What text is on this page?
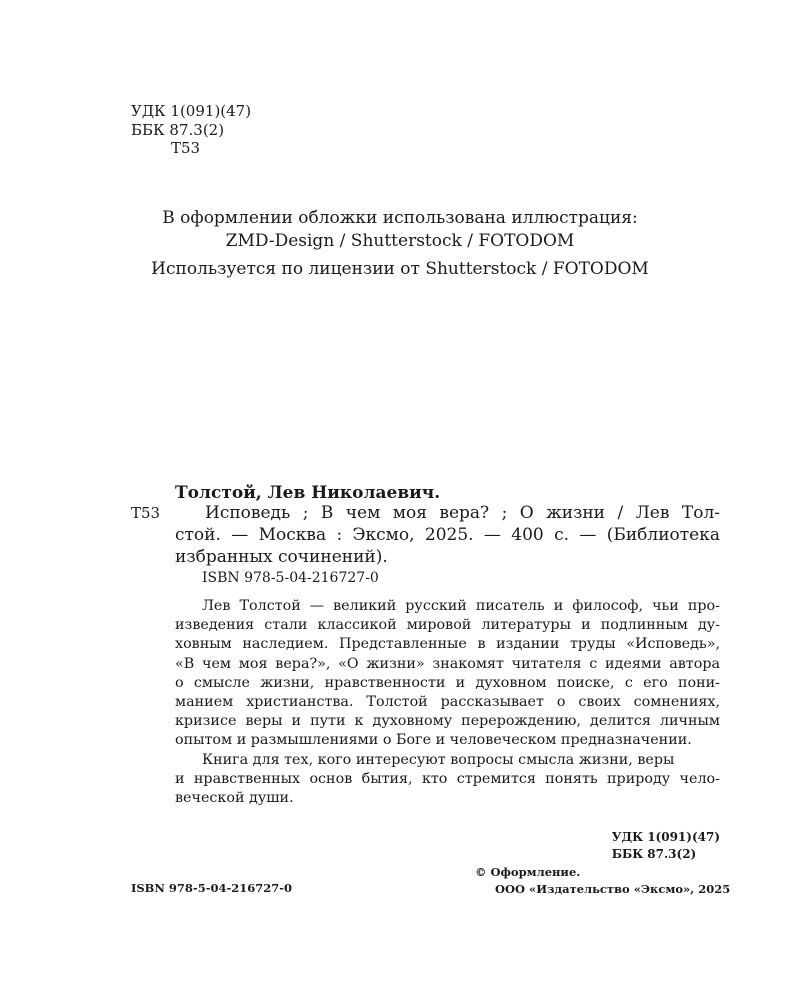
УДК 1(091)(47)
ББК 87.3(2)
Т53
В оформлении обложки использована иллюстрация:
ZMD-Design / Shutterstock / FOTODOM
Используется по лицензии от Shutterstock / FOTODOM
Толстой, Лев Николаевич.
Т53	Исповедь ; В чем моя вера? ; О жизни / Лев Тол-
стой. — Москва : Эксмо, 2025. — 400 с. — (Библиотека
избранных сочинений).
ISBN 978-5-04-216727-0
Лев Толстой — великий русский писатель и философ, чьи про-
изведения стали классикой мировой литературы и подлинным ду-
ховным наследием. Представленные в издании труды «Исповедь»,
«В чем моя вера?», «О жизни» знакомят читателя с идеями автора
о смысле жизни, нравственности и духовном поиске, с его пони-
манием христианства. Толстой рассказывает о своих сомнениях,
кризисе веры и пути к духовному перерождению, делится личным
опытом и размышлениями о Боге и человеческом предназначении.
Книга для тех, кого интересуют вопросы смысла жизни, веры
и нравственных основ бытия, кто стремится понять природу чело-
веческой души.
УДК 1(091)(47)
ББК 87.3(2)
ISBN 978-5-04-216727-0
© Оформление.
ООО «Издательство «Эксмо», 2025
